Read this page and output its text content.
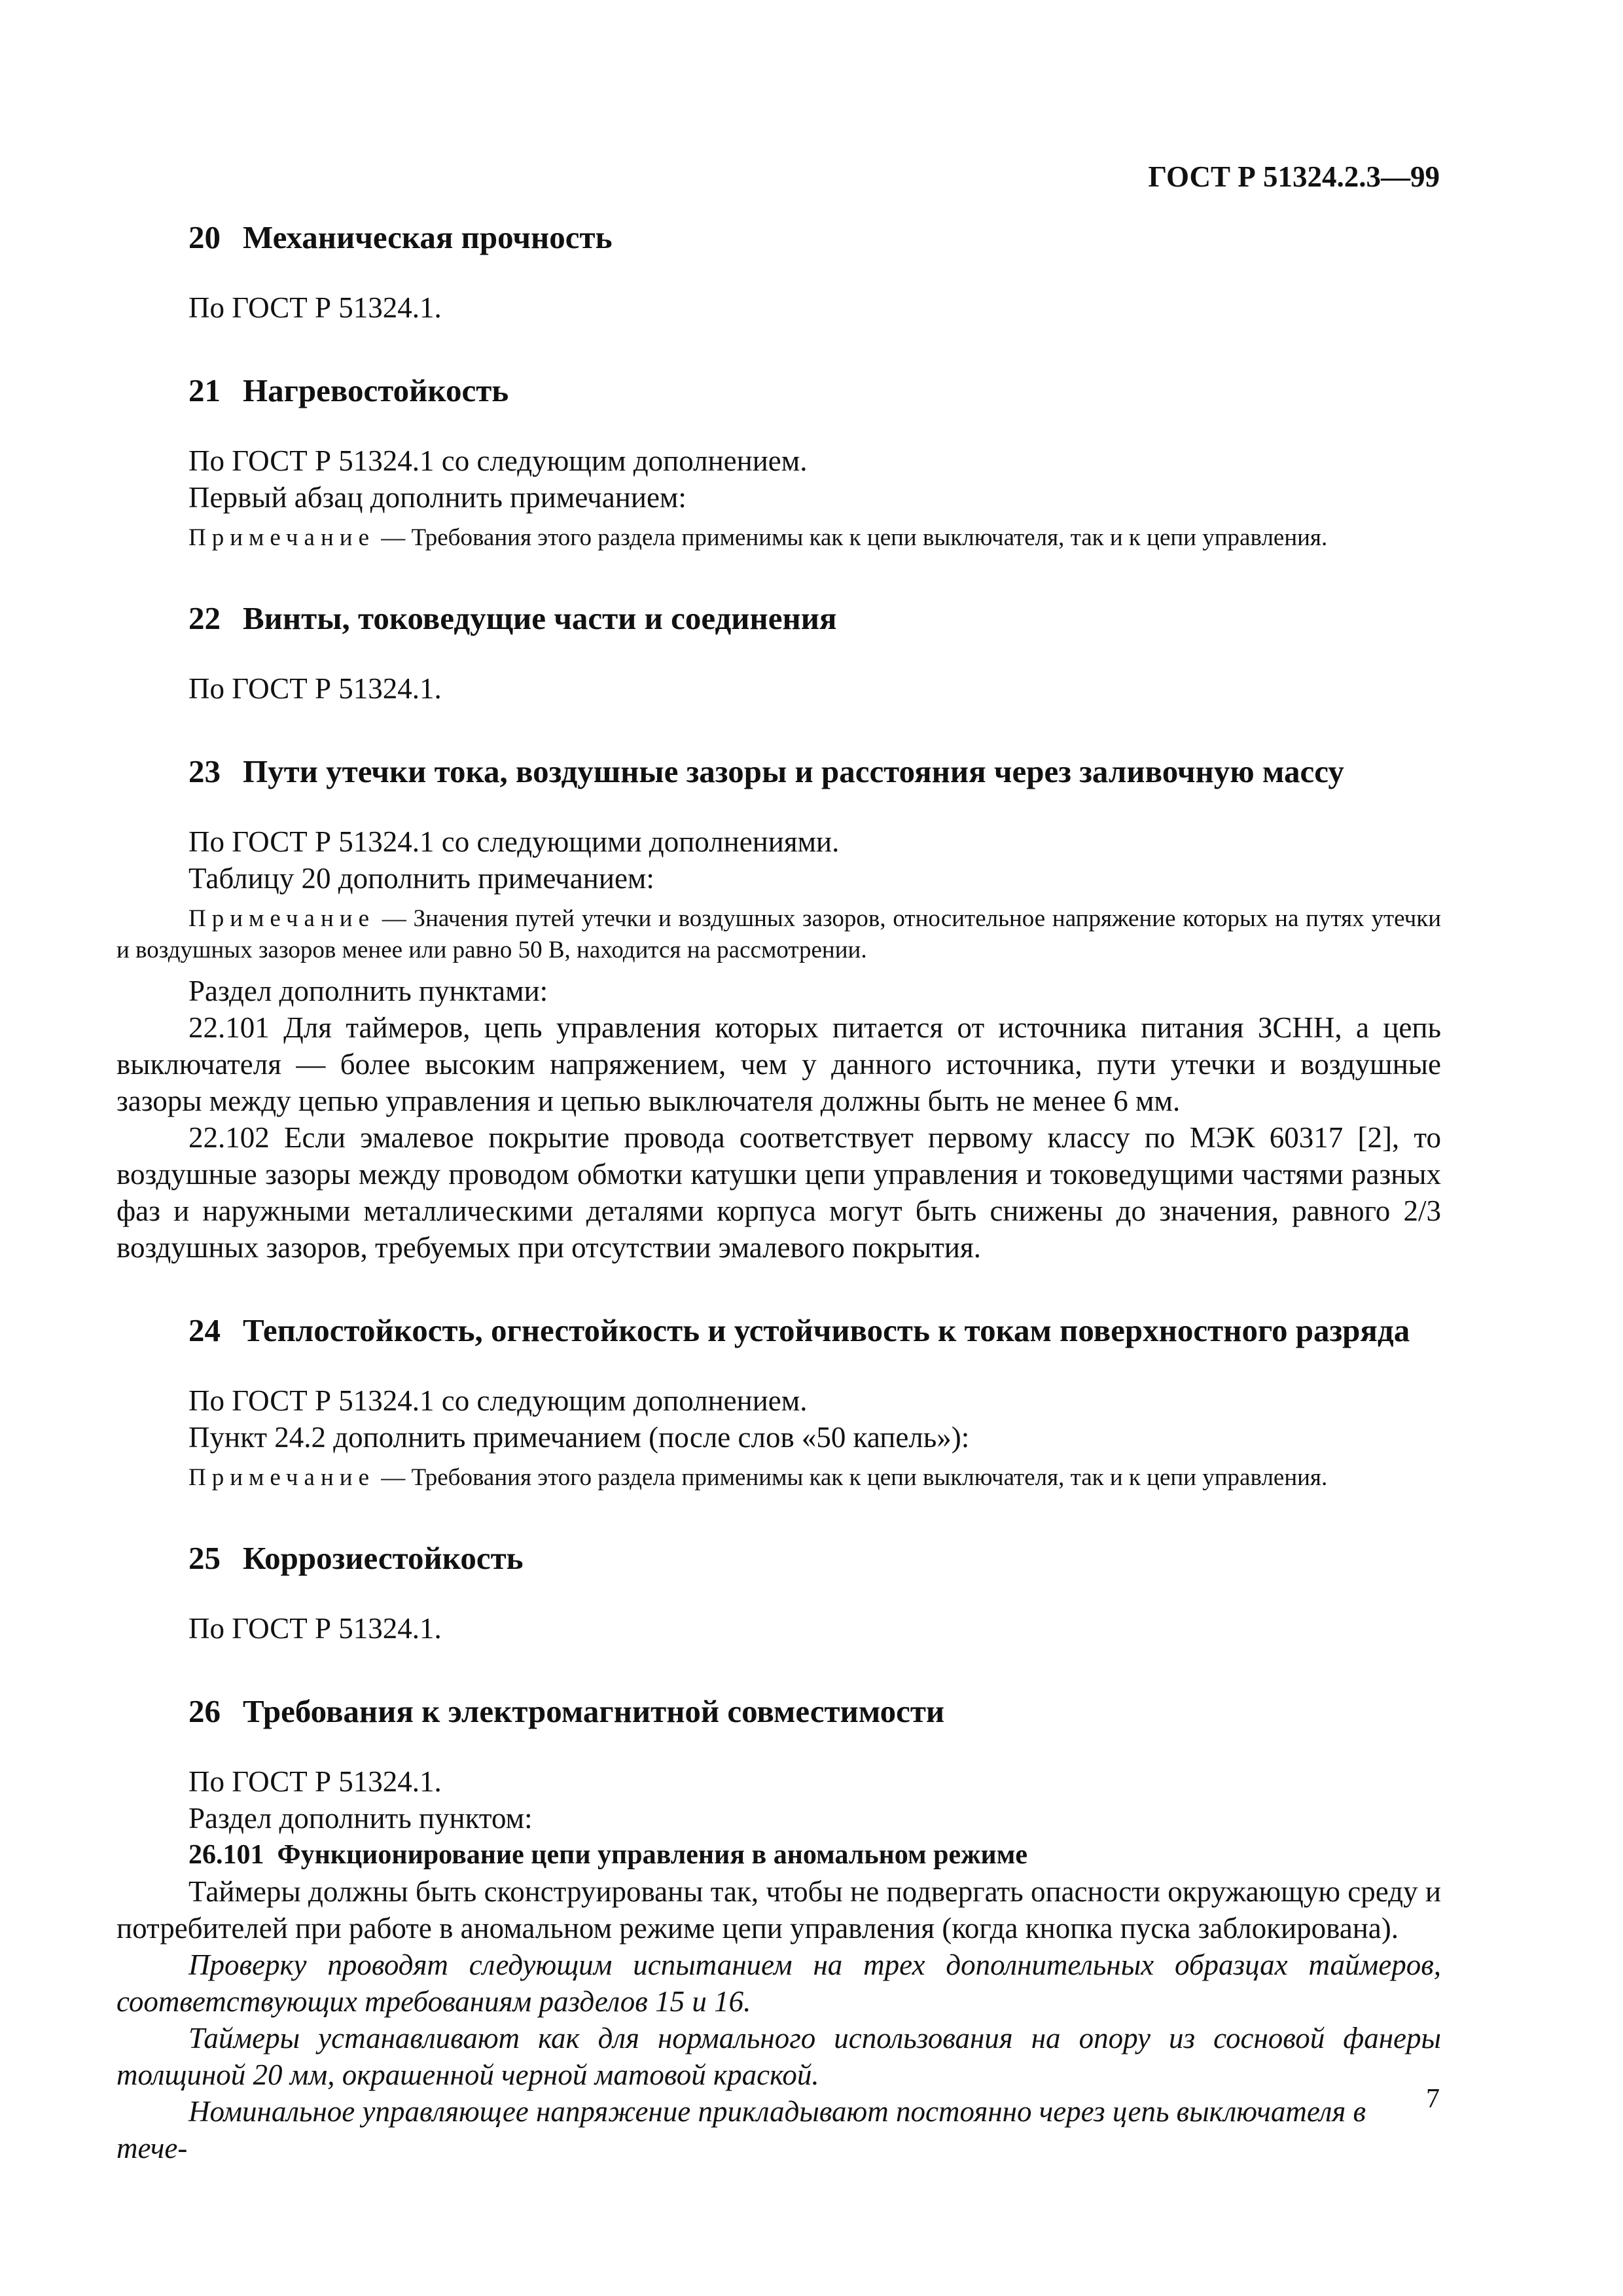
ГОСТ Р 51324.2.3—99
20 Механическая прочность

По ГОСТ Р 51324.1.

21 Нагревостойкость

По ГОСТ Р 51324.1 со следующим дополнением.

Первый абзац дополнить примечанием:

Примечание — Требования этого раздела применимы как к цепи выключателя, так и к цепи управления.

22 Винты, токоведущие части и соединения

По ГОСТ Р 51324.1.

23 Пути утечки тока, воздушные зазоры и расстояния через заливочную массу

По ГОСТ Р 51324.1 со следующими дополнениями.

Таблицу 20 дополнить примечанием:

Примечание — Значения путей утечки и воздушных зазоров, относительное напряжение которых на путях утечки и воздушных зазоров менее или равно 50 В, находится на рассмотрении.

Раздел дополнить пунктами:

22.101 Для таймеров, цепь управления которых питается от источника питания ЗСНН, а цепь выключателя — более высоким напряжением, чем у данного источника, пути утечки и воздушные зазоры между цепью управления и цепью выключателя должны быть не менее 6 мм.

22.102 Если эмалевое покрытие провода соответствует первому классу по МЭК 60317 [2], то воздушные зазоры между проводом обмотки катушки цепи управления и токоведущими частями разных фаз и наружными металлическими деталями корпуса могут быть снижены до значения, равного 2/3 воздушных зазоров, требуемых при отсутствии эмалевого покрытия.

24 Теплостойкость, огнестойкость и устойчивость к токам поверхностного разряда

По ГОСТ Р 51324.1 со следующим дополнением.

Пункт 24.2 дополнить примечанием (после слов «50 капель»):

Примечание — Требования этого раздела применимы как к цепи выключателя, так и к цепи управления.

25 Коррозиестойкость

По ГОСТ Р 51324.1.

26 Требования к электромагнитной совместимости

По ГОСТ Р 51324.1.

Раздел дополнить пунктом:

26.101 Функционирование цепи управления в аномальном режиме

Таймеры должны быть сконструированы так, чтобы не подвергать опасности окружающую среду и потребителей при работе в аномальном режиме цепи управления (когда кнопка пуска заблокирована).

Проверку проводят следующим испытанием на трех дополнительных образцах таймеров, соответствующих требованиям разделов 15 и 16.

Таймеры устанавливают как для нормального использования на опору из сосновой фанеры толщиной 20 мм, окрашенной черной матовой краской.

Номинальное управляющее напряжение прикладывают постоянно через цепь выключателя в тече-

7
